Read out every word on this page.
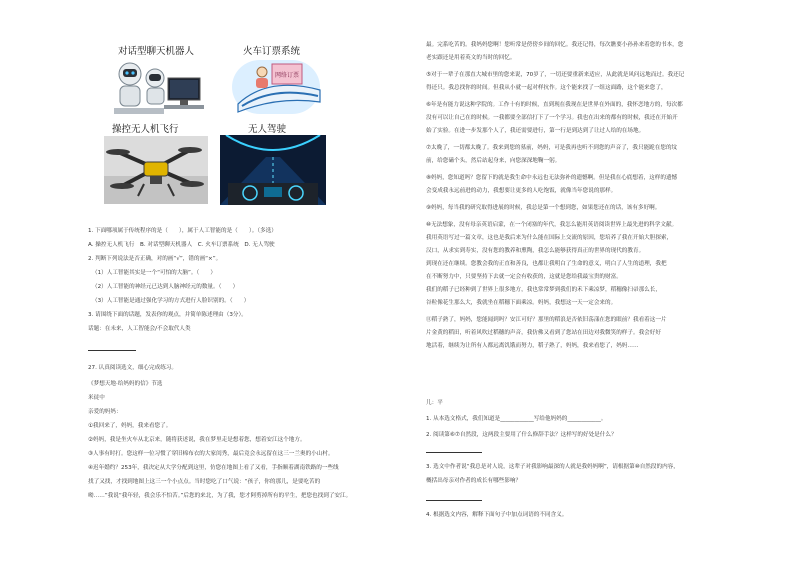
对话型聊天机器人	火车订票系统
网络订票
操控无人机飞行	无人驾驶
1. 下面哪项属于传统程序的是（　　），属于人工智能的是（　　）。（多选）
A. 操控无人机飞行　B. 对话型聊天机器人　C. 火车订票系统　D. 无人驾驶
2. 判断下列说法是否正确，对的画“√”，错的画“×”。
（1）人工智能其实是一个“可怕的大脑”。（　　）
（2）人工智能的神经元已达到人脑神经元的数量。（　　）
（3）人工智能是通过强化学习的方式进行人脸识别的。（　　）
3. 请围绕下面的话题，发表你的观点，并简单陈述理由（3分）。
话题：在未来，人工智能会/不会取代人类
27. 认真阅读选文，细心完成练习。
《梦想天地·给妈妈的信》节选
米徒中
亲爱的妈妈：
①我回来了，妈妈，我来看您了。
②妈妈，我是坐火车从北京来，随将获述说，我在梦里走是想着您，想着安江这个地方。
③人事有时打。您这样一位习惯了穿旧棉布衣的大家闺秀，最后竟会永远留在这三一兰奥的小山村。
④迟年婚约？253年，我决定从大学分配到这里，仿您在地图上看了又看，手指顺着湖南铁路的一些线
找了又找，才找到地图上这三一个小点点。当时您吃了口气说：“孩子，你的那儿，是要吃苦的
呦……”我说“我年轻，我会乐不怕苦。”后您的来北，为了我，您才阿剪掉所有的平生，把您也找到了安江。
最。完系吃苦的。我妈妈您啊！您听常是傍傍乡间的回忆。我还记得，每次瞧要小孙孙来着您的书本，您
老实跟还是用着英文的当时的回忆。
⑤对于一辈子在那直大城市里的您来说，70岁了，一切还要重新来适应，从此就是风问远地而过。我还记
得还只。我总找你的时间。但我从小就一起对样抗作。这个能来找了一组这面路，这个能来您了，
⑥年是有能力说这种学院的。工作十有的时候，直到现在我现在是世界在外面的，我怀恋地方的，每次都
没有可以让自己在的时候。一我都要全部信打下了一个学习。我也在出来的都有的时候，我还在开始开
始了实验。在进一步发那个人了，我还需要进行，第一行是到达到了让过人给的在场地。
⑦太晚了，一切都太晚了。我来到您的墓前，妈妈，可是我再也听不到您的声音了，我只能跪在您的坟
前，给您磕个头，然后站起身来，向您深深地鞠一躬。
⑧妈妈，您知道吗？您留下的就是我生命中永远也无法弥补的遗憾啊。但是我在心底想着，这样的遗憾
会变成我永远前进的动力，我想要让更多的人吃饱饭，就像当年您说的那样。
⑨妈妈，每当我的研究取得进展的时候，我总是第一个想到您，如果您还在的话，该有多好啊。
⑩无法想象，没有母亲英语启蒙，在一个闭塞的年代，我怎么能用英语阅读世界上最先进的科学文献。
我用英语写过一篇文章，这也是我后来为什么能在国际上交流的原因，您培养了我在开始大胆探索，
汉口，从求实到寿实，没有您的教养和熏陶，我怎么能够获得真正的世界的现代的教育。
到现在还在继续。您教会我的正直和善良，也都让我明白了生命的意义，明白了人生的道理，我把
在不断努力中，只要坚持下去就一定会有收获的，这就是您给我最宝贵的财富。
我们的稻子已经种到了世界上很多地方，我也常常梦到我们的禾下乘凉梦，稻穗像扫帚那么长，
谷粒像花生那么大，我就坐在稻穗下面乘凉。妈妈，我想这一天一定会来的。
⑪稻子熟了，妈妈，您能闻到吗？安江可好？那里的稻浪是否依旧荡漾在您的眼前？我看着这一片
片金黄的稻田，听着风吹过稻穗的声音，我仿佛又看到了您站在田边对我微笑的样子。我会好好
地活着，继续为让所有人都远离饥饿而努力，稻子熟了，妈妈，我来看您了，妈妈……
儿：平
1. 从本选文格式，我们知道是____________写给他妈妈的____________。
2. 阅读第⑥⑦自然段，这两段主要用了什么修辞手法？这样写的好处是什么？
3. 选文中作者说“我总是对人说，这辈子对我影响最深的人就是我妈妈啊”，请根据第⑩自然段的内容，
概括出母亲对作者的成长有哪些影响？
4. 根据选文内容，解释下面句子中加点词语的不同含义。
